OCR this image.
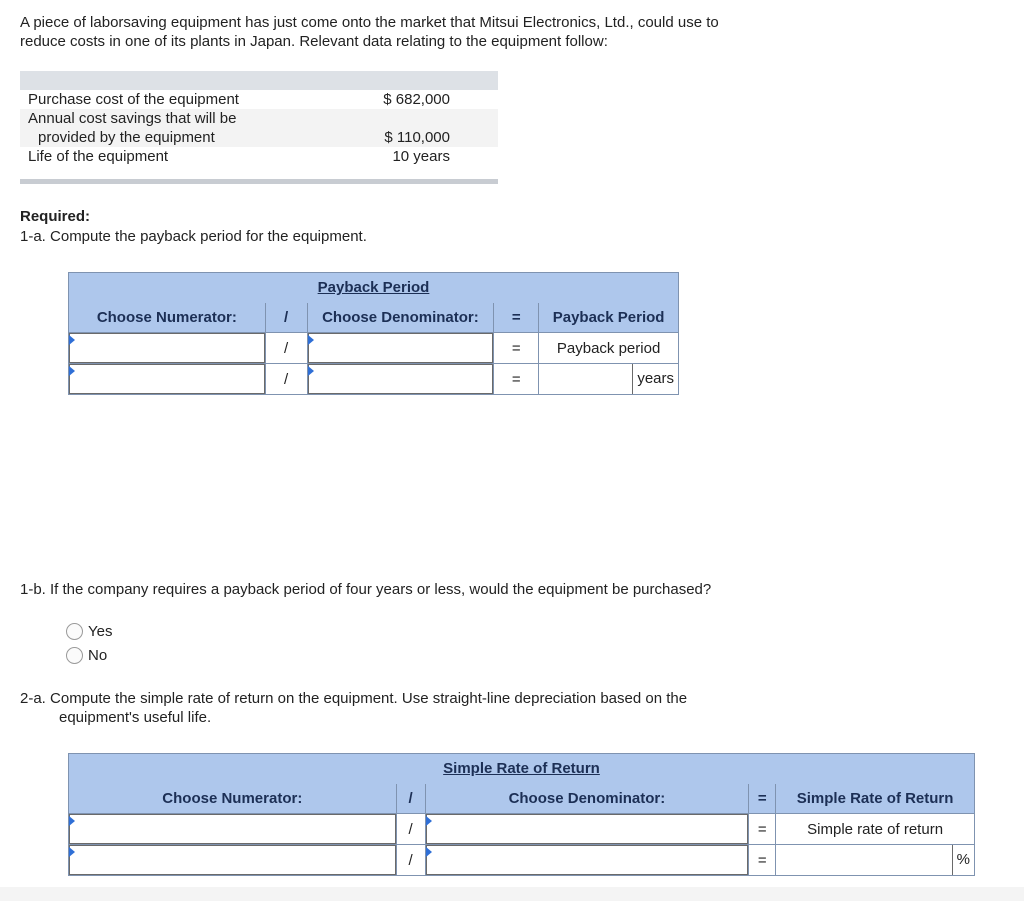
A piece of laborsaving equipment has just come onto the market that Mitsui Electronics, Ltd., could use to
reduce costs in one of its plants in Japan. Relevant data relating to the equipment follow:
Purchase cost of the equipment	$ 682,000
Annual cost savings that will be
provided by the equipment	$ 110,000
Life of the equipment	10 years
Required:
1-a. Compute the payback period for the equipment.
Payback Period				
Choose Numerator:	/	Choose Denominator:	=	Payback Period

	/		=	Payback period

	/		=	years
1-b. If the company requires a payback period of four years or less, would the equipment be purchased?
Yes
No
2-a. Compute the simple rate of return on the equipment. Use straight-line depreciation based on the
equipment's useful life.
Simple Rate of Return				
Choose Numerator:	/	Choose Denominator:	=	Simple Rate of Return

	/		=	Simple rate of return

	/		=	%
